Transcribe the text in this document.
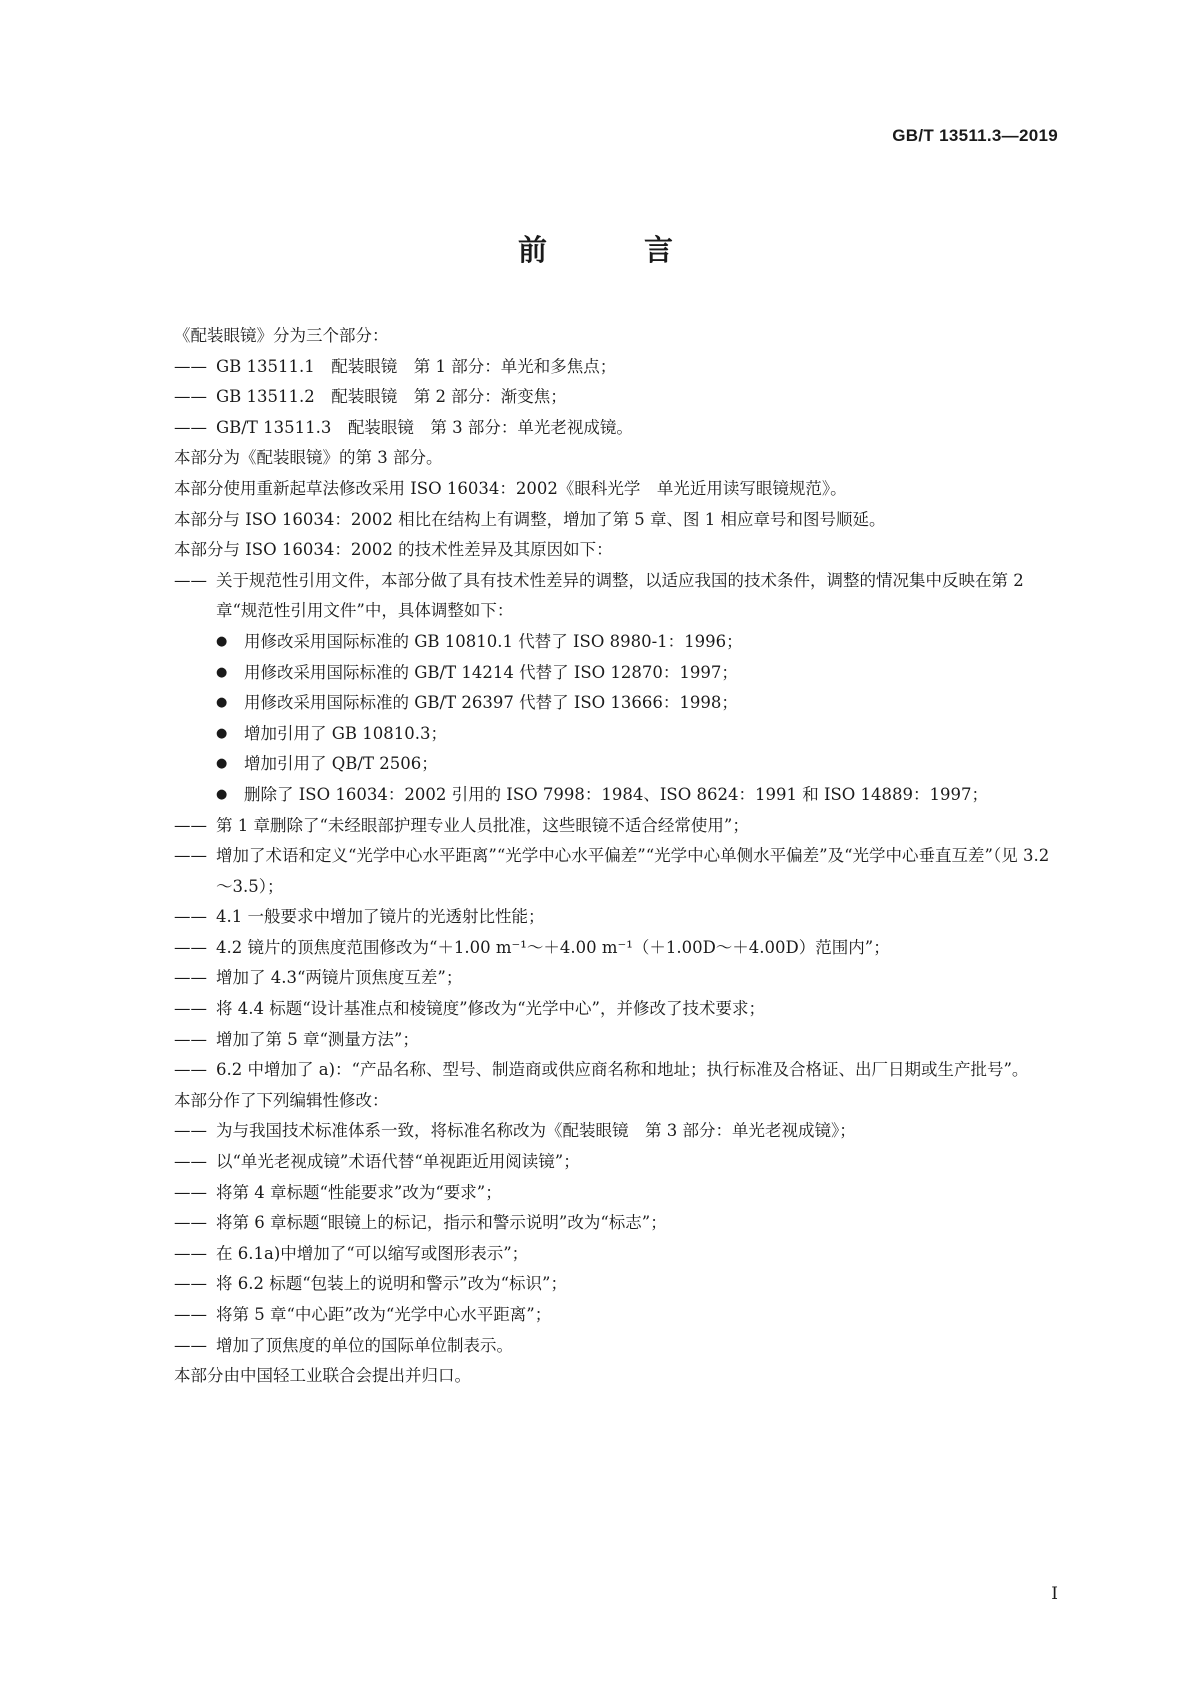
GB/T 13511.3—2019
前　言
《配装眼镜》分为三个部分：
—— GB 13511.1　配装眼镜　第 1 部分：单光和多焦点；
—— GB 13511.2　配装眼镜　第 2 部分：渐变焦；
—— GB/T 13511.3　配装眼镜　第 3 部分：单光老视成镜。
本部分为《配装眼镜》的第 3 部分。
本部分使用重新起草法修改采用 ISO 16034：2002《眼科光学　单光近用读写眼镜规范》。
本部分与 ISO 16034：2002 相比在结构上有调整，增加了第 5 章、图 1 相应章号和图号顺延。
本部分与 ISO 16034：2002 的技术性差异及其原因如下：
—— 关于规范性引用文件，本部分做了具有技术性差异的调整，以适应我国的技术条件，调整的情况集中反映在第 2 章“规范性引用文件”中，具体调整如下：
●	用修改采用国际标准的 GB 10810.1 代替了 ISO 8980-1：1996；
●	用修改采用国际标准的 GB/T 14214 代替了 ISO 12870：1997；
●	用修改采用国际标准的 GB/T 26397 代替了 ISO 13666：1998；
●	增加引用了 GB 10810.3；
●	增加引用了 QB/T 2506；
●	删除了 ISO 16034：2002 引用的 ISO 7998：1984、ISO 8624：1991 和 ISO 14889：1997；
—— 第 1 章删除了“未经眼部护理专业人员批准，这些眼镜不适合经常使用”；
—— 增加了术语和定义“光学中心水平距离”“光学中心水平偏差”“光学中心单侧水平偏差”及“光学中心垂直互差”（见 3.2～3.5）；
—— 4.1 一般要求中增加了镜片的光透射比性能；
—— 4.2 镜片的顶焦度范围修改为“＋1.00 m⁻¹～＋4.00 m⁻¹（＋1.00D～＋4.00D）范围内”；
—— 增加了 4.3“两镜片顶焦度互差”；
—— 将 4.4 标题“设计基准点和棱镜度”修改为“光学中心”，并修改了技术要求；
—— 增加了第 5 章“测量方法”；
—— 6.2 中增加了 a)：“产品名称、型号、制造商或供应商名称和地址；执行标准及合格证、出厂日期或生产批号”。
本部分作了下列编辑性修改：
—— 为与我国技术标准体系一致，将标准名称改为《配装眼镜　第 3 部分：单光老视成镜》；
—— 以“单光老视成镜”术语代替“单视距近用阅读镜”；
—— 将第 4 章标题“性能要求”改为“要求”；
—— 将第 6 章标题“眼镜上的标记，指示和警示说明”改为“标志”；
—— 在 6.1a)中增加了“可以缩写或图形表示”；
—— 将 6.2 标题“包装上的说明和警示”改为“标识”；
—— 将第 5 章“中心距”改为“光学中心水平距离”；
—— 增加了顶焦度的单位的国际单位制表示。
本部分由中国轻工业联合会提出并归口。
I
